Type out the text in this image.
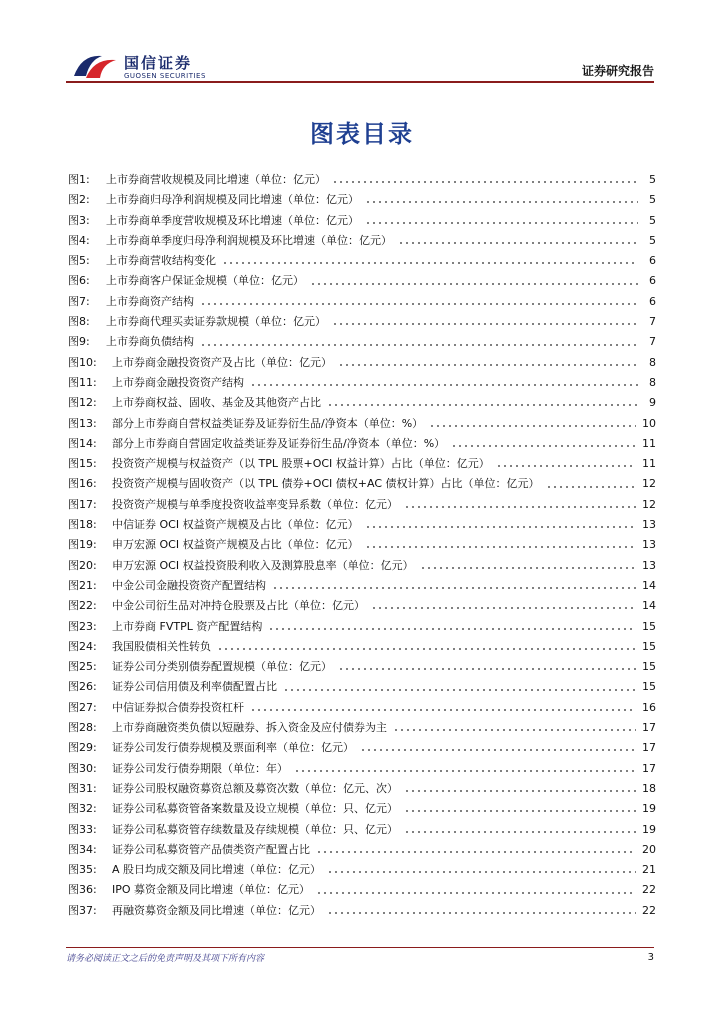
国信证券
GUOSEN SECURITIES	证券研究报告
图表目录
图1:	上市券商营收规模及同比增速（单位：亿元）	5
图2:	上市券商归母净利润规模及同比增速（单位：亿元）	5
图3:	上市券商单季度营收规模及环比增速（单位：亿元）	5
图4:	上市券商单季度归母净利润规模及环比增速（单位：亿元）	5
图5:	上市券商营收结构变化	6
图6:	上市券商客户保证金规模（单位：亿元）	6
图7:	上市券商资产结构	6
图8:	上市券商代理买卖证券款规模（单位：亿元）	7
图9:	上市券商负债结构	7
图10:	上市券商金融投资资产及占比（单位：亿元）	8
图11:	上市券商金融投资资产结构	8
图12:	上市券商权益、固收、基金及其他资产占比	9
图13:	部分上市券商自营权益类证券及证券衍生品/净资本（单位：%）	10
图14:	部分上市券商自营固定收益类证券及证券衍生品/净资本（单位：%）	11
图15:	投资资产规模与权益资产（以 TPL 股票+OCI 权益计算）占比（单位：亿元）	11
图16:	投资资产规模与固收资产（以 TPL 债券+OCI 债权+AC 债权计算）占比（单位：亿元）	12
图17:	投资资产规模与单季度投资收益率变异系数（单位：亿元）	12
图18:	中信证券 OCI 权益资产规模及占比（单位：亿元）	13
图19:	申万宏源 OCI 权益资产规模及占比（单位：亿元）	13
图20:	申万宏源 OCI 权益投资股利收入及测算股息率（单位：亿元）	13
图21:	中金公司金融投资资产配置结构	14
图22:	中金公司衍生品对冲持仓股票及占比（单位：亿元）	14
图23:	上市券商 FVTPL 资产配置结构	15
图24:	我国股债相关性转负	15
图25:	证券公司分类别债券配置规模（单位：亿元）	15
图26:	证券公司信用债及利率债配置占比	15
图27:	中信证券拟合债券投资杠杆	16
图28:	上市券商融资类负债以短融券、拆入资金及应付债券为主	17
图29:	证券公司发行债券规模及票面利率（单位：亿元）	17
图30:	证券公司发行债券期限（单位：年）	17
图31:	证券公司股权融资募资总额及募资次数（单位：亿元、次）	18
图32:	证券公司私募资管备案数量及设立规模（单位：只、亿元）	19
图33:	证券公司私募资管存续数量及存续规模（单位：只、亿元）	19
图34:	证券公司私募资管产品债类资产配置占比	20
图35:	A 股日均成交额及同比增速（单位：亿元）	21
图36:	IPO 募资金额及同比增速（单位：亿元）	22
图37:	再融资募资金额及同比增速（单位：亿元）	22
请务必阅读正文之后的免责声明及其项下所有内容	3
